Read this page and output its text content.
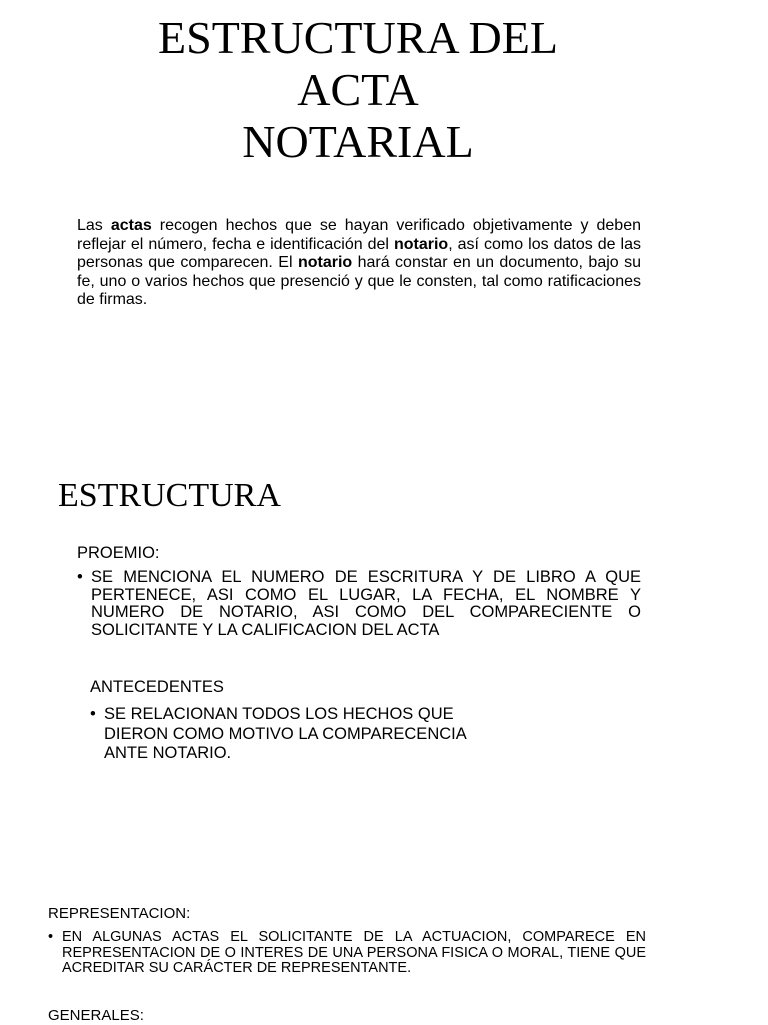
ESTRUCTURA DEL
ACTA
NOTARIAL

Las actas recogen hechos que se hayan verificado objetivamente y deben reflejar el número, fecha e identificación del notario, así como los datos de las personas que comparecen. El notario hará constar en un documento, bajo su fe, uno o varios hechos que presenció y que le consten, tal como ratificaciones de firmas.

ESTRUCTURA
PROEMIO:
• SE MENCIONA EL NUMERO DE ESCRITURA Y DE LIBRO A QUE PERTENECE, ASI COMO EL LUGAR, LA FECHA, EL NOMBRE Y NUMERO DE NOTARIO, ASI COMO DEL COMPARECIENTE O SOLICITANTE Y LA CALIFICACION DEL ACTA
ANTECEDENTES
• SE RELACIONAN TODOS LOS HECHOS QUE
DIERON COMO MOTIVO LA COMPARECENCIA
ANTE NOTARIO.
REPRESENTACION:
• EN ALGUNAS ACTAS EL SOLICITANTE DE LA ACTUACION, COMPARECE EN REPRESENTACION DE O INTERES DE UNA PERSONA FISICA O MORAL, TIENE QUE ACREDITAR SU CARÁCTER DE REPRESENTANTE.
GENERALES:
